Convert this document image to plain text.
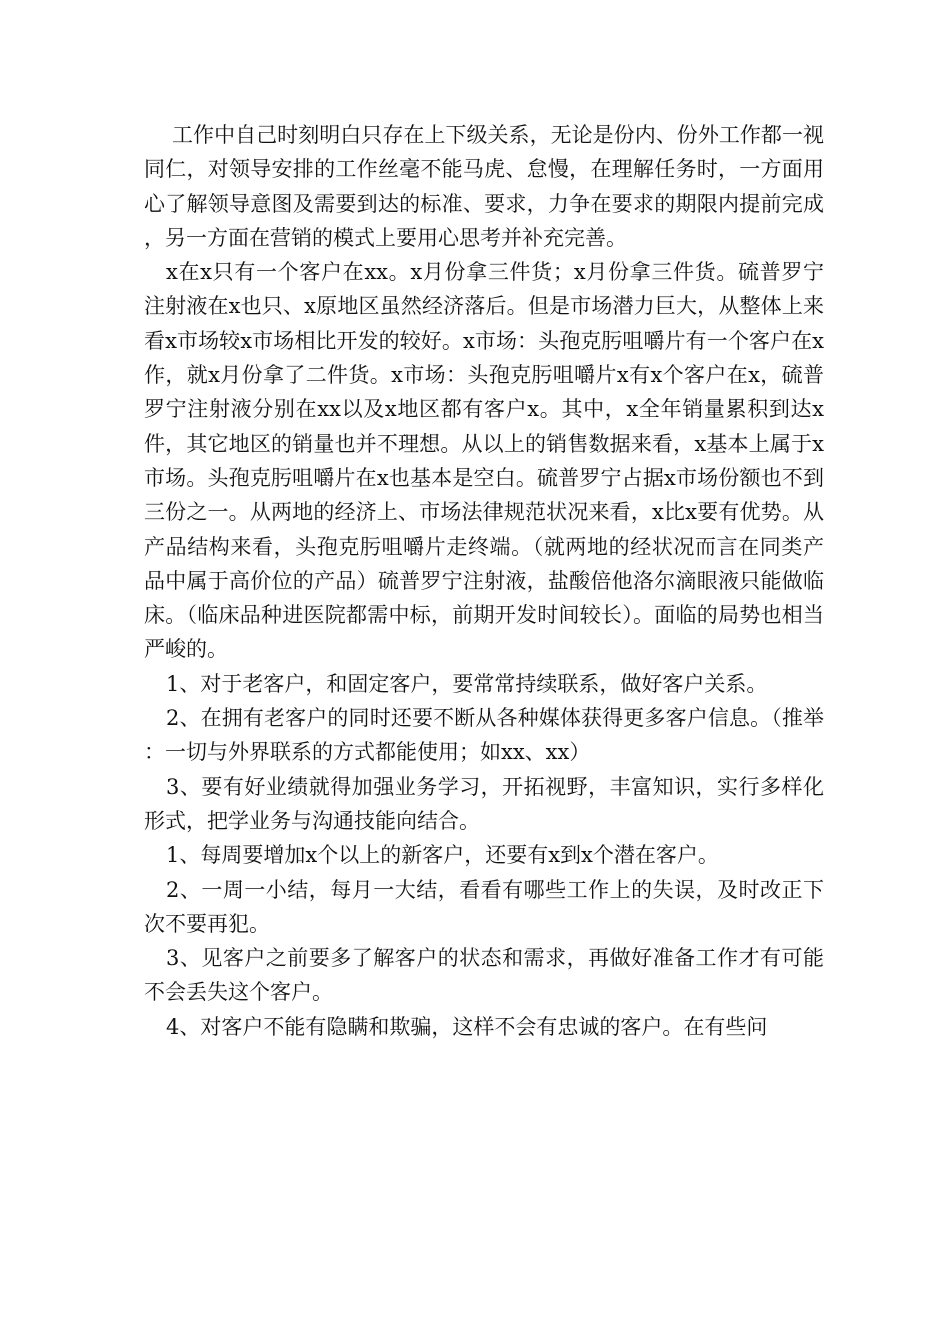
工作中自己时刻明白只存在上下级关系，无论是份内、份外工作都一视同仁，对领导安排的工作丝毫不能马虎、怠慢，在理解任务时，一方面用心了解领导意图及需要到达的标准、要求，力争在要求的期限内提前完成，另一方面在营销的模式上要用心思考并补充完善。

x在x只有一个客户在xx。x月份拿三件货；x月份拿三件货。硫普罗宁注射液在x也只、x原地区虽然经济落后。但是市场潜力巨大，从整体上来看x市场较x市场相比开发的较好。x市场：头孢克肟咀嚼片有一个客户在x作，就x月份拿了二件货。x市场：头孢克肟咀嚼片x有x个客户在x，硫普罗宁注射液分别在xx以及x地区都有客户x。其中，x全年销量累积到达x件，其它地区的销量也并不理想。从以上的销售数据来看，x基本上属于x市场。头孢克肟咀嚼片在x也基本是空白。硫普罗宁占据x市场份额也不到三份之一。从两地的经济上、市场法律规范状况来看，x比x要有优势。从产品结构来看，头孢克肟咀嚼片走终端。（就两地的经状况而言在同类产品中属于高价位的产品）硫普罗宁注射液，盐酸倍他洛尔滴眼液只能做临床。（临床品种进医院都需中标，前期开发时间较长）。面临的局势也相当严峻的。

1、对于老客户，和固定客户，要常常持续联系，做好客户关系。

2、在拥有老客户的同时还要不断从各种媒体获得更多客户信息。（推举：一切与外界联系的方式都能使用；如xx、xx）

3、要有好业绩就得加强业务学习，开拓视野，丰富知识，实行多样化形式，把学业务与沟通技能向结合。

1、每周要增加x个以上的新客户，还要有x到x个潜在客户。

2、一周一小结，每月一大结，看看有哪些工作上的失误，及时改正下次不要再犯。

3、见客户之前要多了解客户的状态和需求，再做好准备工作才有可能不会丢失这个客户。

4、对客户不能有隐瞒和欺骗，这样不会有忠诚的客户。在有些问
